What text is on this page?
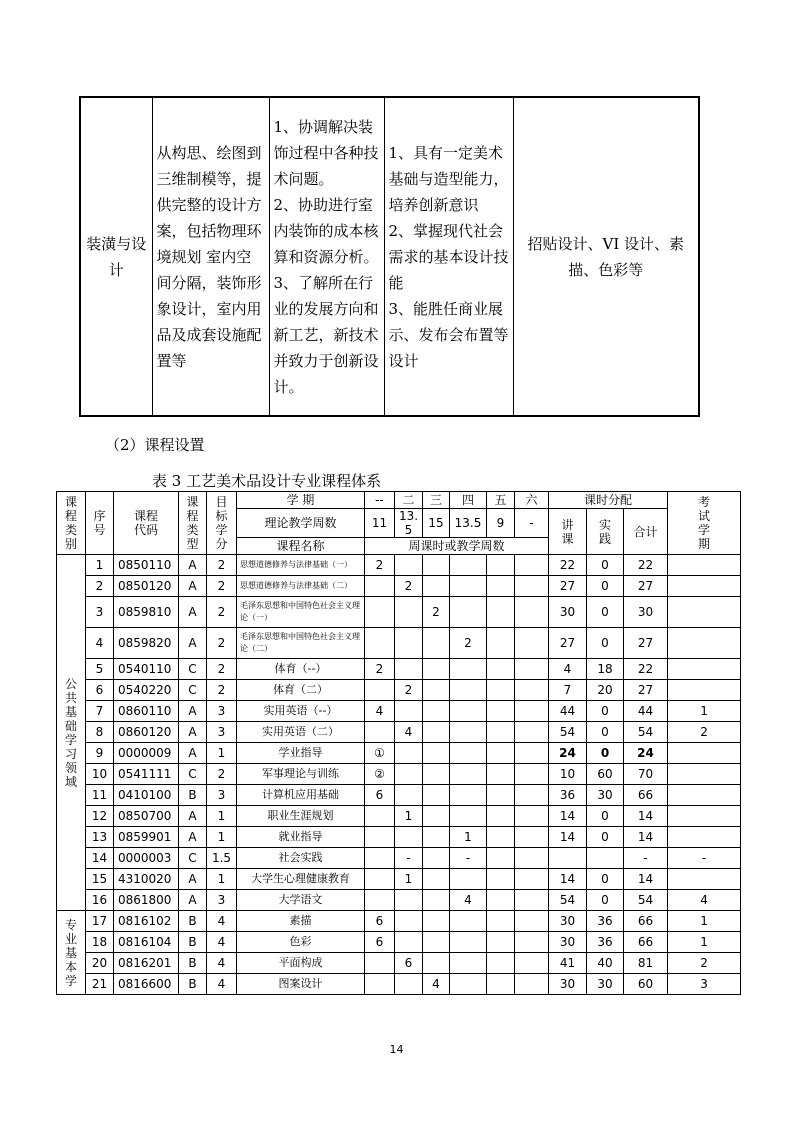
装潢与设计	从构思、绘图到三维制模等，提供完整的设计方案，包括物理环境规划 室内空间分隔，装饰形象设计，室内用品及成套设施配置等	1、协调解决装饰过程中各种技术问题。
2、协助进行室内装饰的成本核算和资源分析。
3、了解所在行业的发展方向和新工艺，新技术并致力于创新设计。	1、具有一定美术基础与造型能力，培养创新意识
2、掌握现代社会需求的基本设计技能
3、能胜任商业展示、发布会布置等设计	招贴设计、VI 设计、素描、色彩等
（2）课程设置
表 3 工艺美术品设计专业课程体系
课程类别	序号	课程代码	课程类型	目标学分	学 期	--	二	三	四	五	六	课时分配			考试学期
					理论教学周数	11	13.5	15	13.5	9	-	讲课	实践	合计	
					课程名称	周课时或教学周数									
公共基础学习领域	1	0850110	A	2	思想道德修养与法律基础（一）	2						22	0	22	
	2	0850120	A	2	思想道德修养与法律基础（二）		2					27	0	27	
	3	0859810	A	2	毛泽东思想和中国特色社会主义理论（一）			2				30	0	30	
	4	0859820	A	2	毛泽东思想和中国特色社会主义理论（二）				2			27	0	27	
	5	0540110	C	2	体育（--）	2						4	18	22	
	6	0540220	C	2	体育（二）		2					7	20	27	
	7	0860110	A	3	实用英语（--）	4						44	0	44	1
	8	0860120	A	3	实用英语（二）		4					54	0	54	2
	9	0000009	A	1	学业指导	①						24	0	24	
	10	0541111	C	2	军事理论与训练	②						10	60	70	
	11	0410100	B	3	计算机应用基础	6						36	30	66	
	12	0850700	A	1	职业生涯规划		1					14	0	14	
	13	0859901	A	1	就业指导				1			14	0	14	
	14	0000003	C	1.5	社会实践		-		-					-	-
	15	4310020	A	1	大学生心理健康教育		1					14	0	14	
	16	0861800	A	3	大学语文				4			54	0	54	4
专业基本学	17	0816102	B	4	素描	6						30	36	66	1
	18	0816104	B	4	色彩	6						30	36	66	1
	20	0816201	B	4	平面构成		6					41	40	81	2
	21	0816600	B	4	图案设计			4				30	30	60	3
14
